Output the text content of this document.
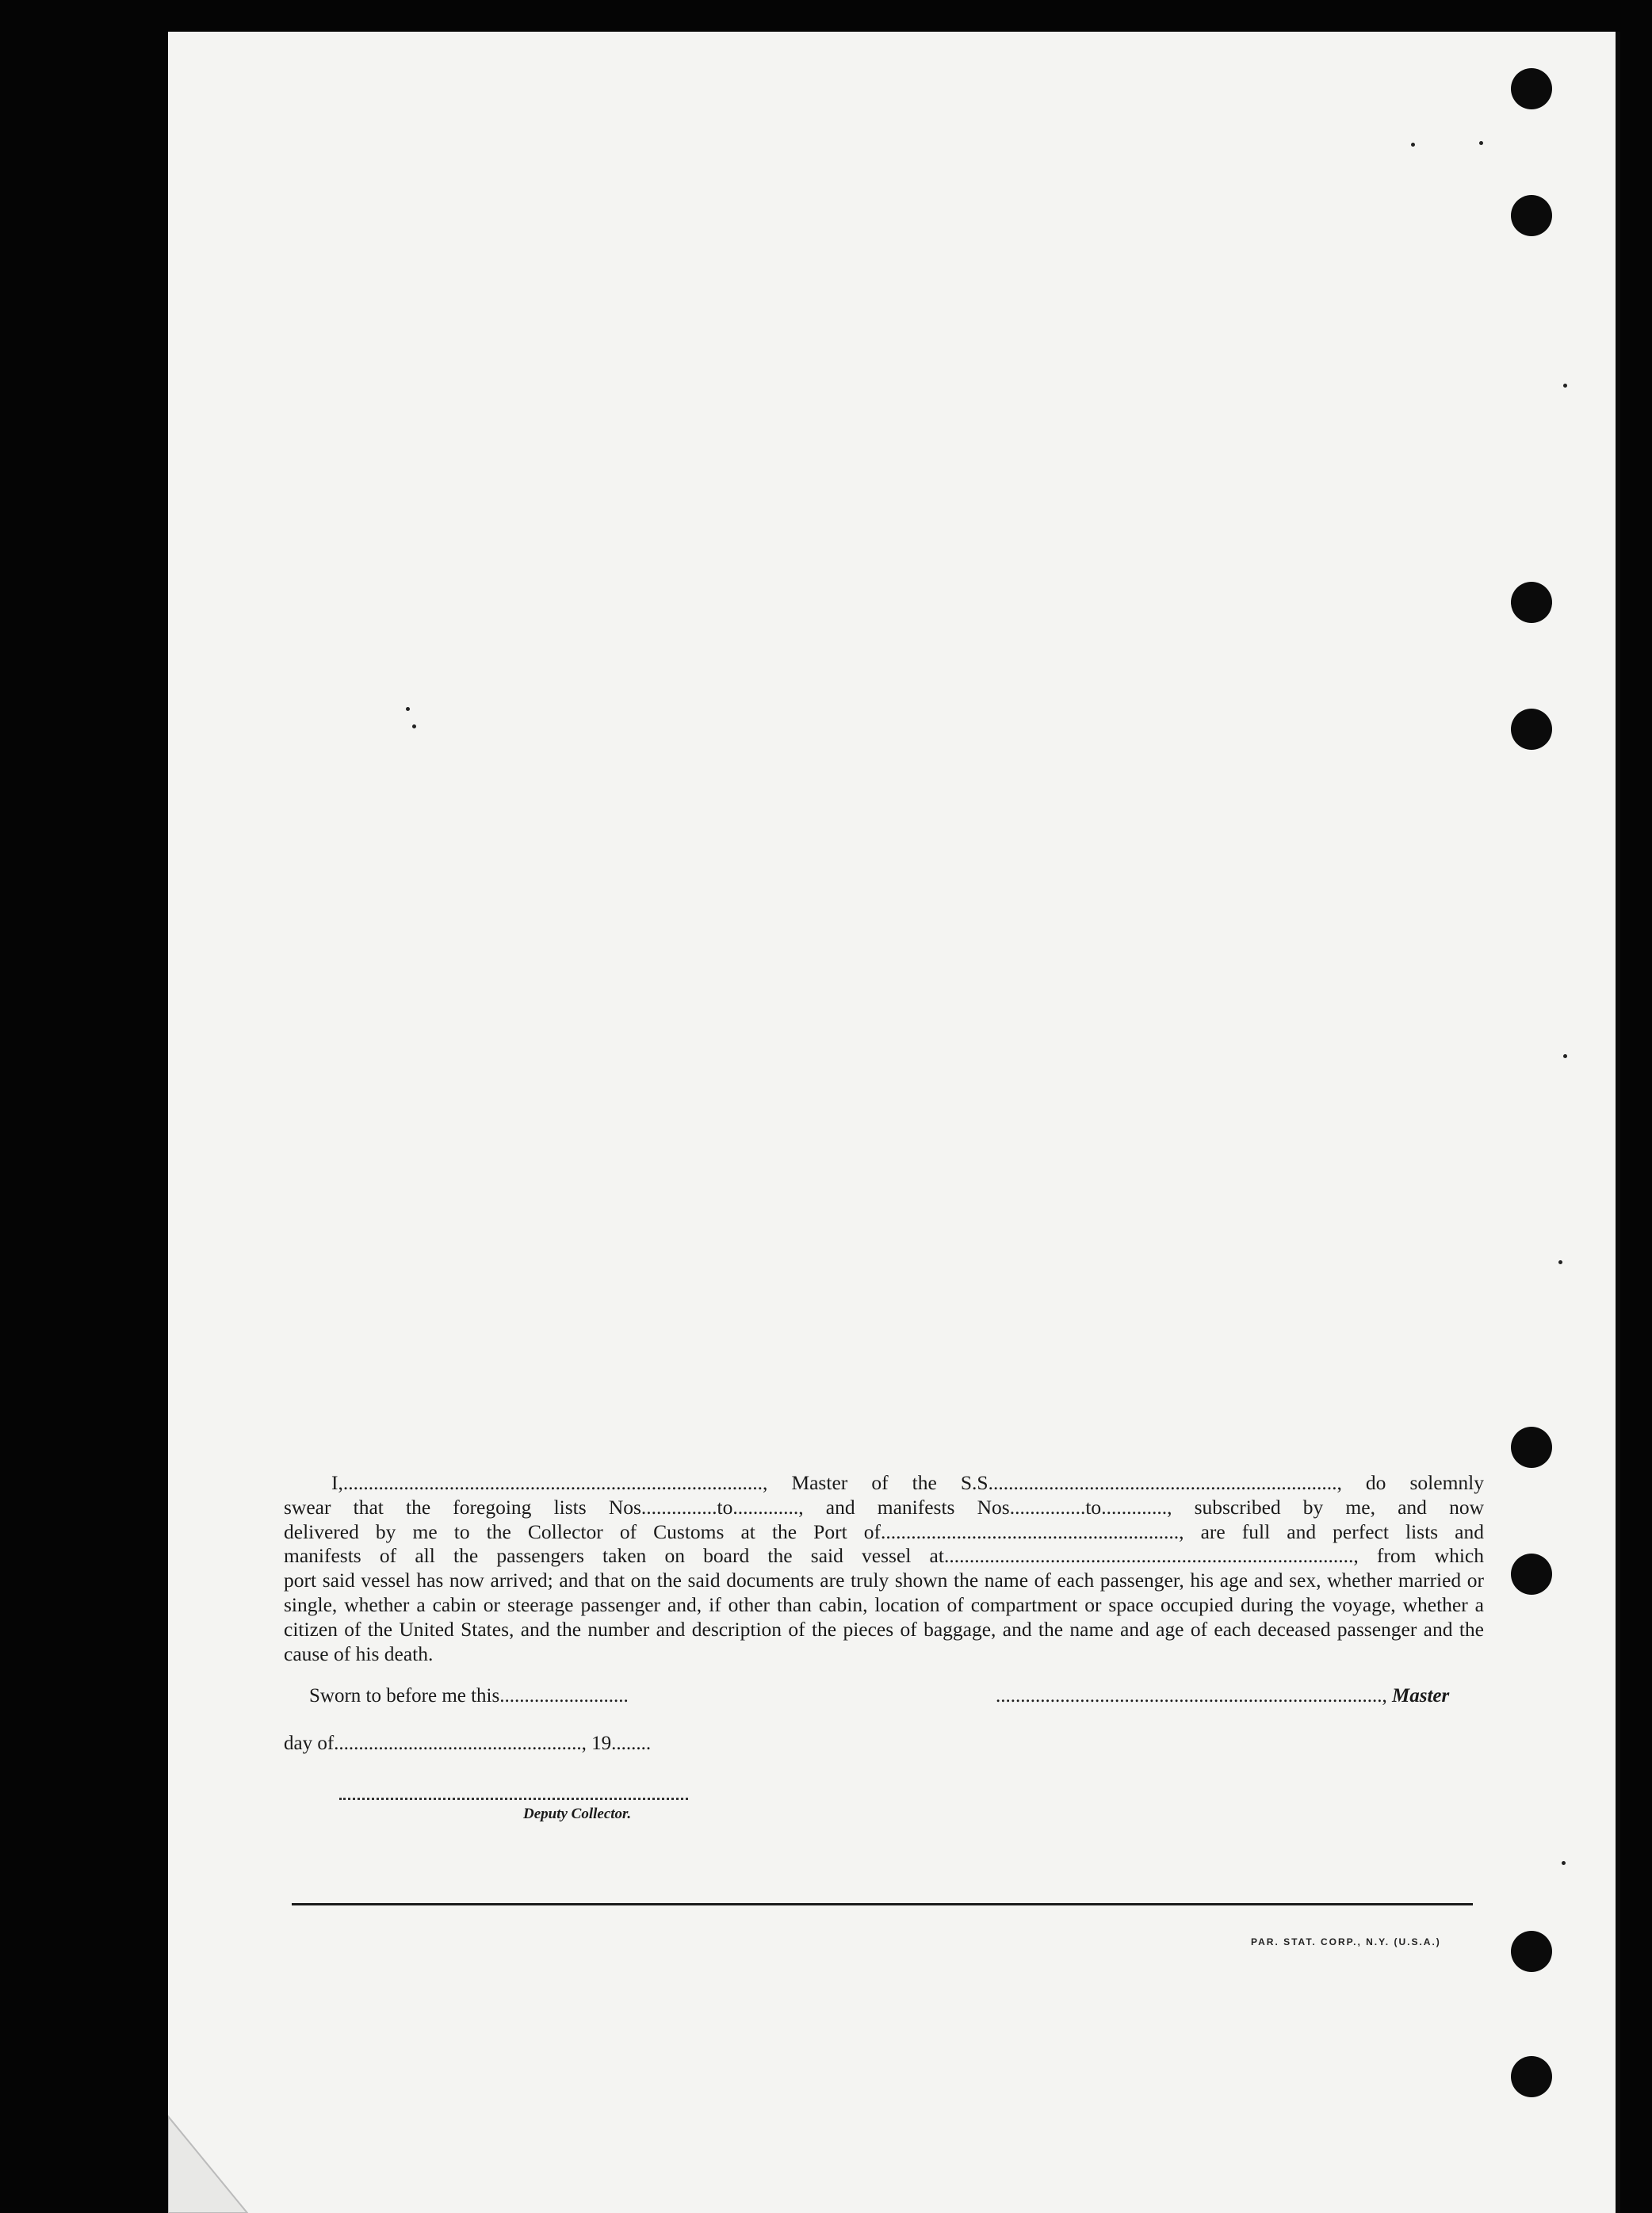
I,..................................................................................., Master of the S.S....................................................................., do solemnly
swear that the foregoing lists Nos...............to............., and manifests Nos...............to............., subscribed by me, and now
delivered by me to the Collector of Customs at the Port of..........................................................., are full and perfect lists and
manifests of all the passengers taken on board the said vessel at................................................................................., from which
port said vessel has now arrived; and that on the said documents are truly shown the name of each passenger, his age and sex, whether married or single, whether a cabin or steerage passenger and, if other than cabin, location of compartment or space occupied during the voyage, whether a citizen of the United States, and the number and description of the pieces of baggage, and the name and age of each deceased passenger and the cause of his death.
Sworn to before me this..........................	.............................................................................., Master
day of.................................................., 19........
Deputy Collector.
PAR. STAT. CORP., N.Y. (U.S.A.)
